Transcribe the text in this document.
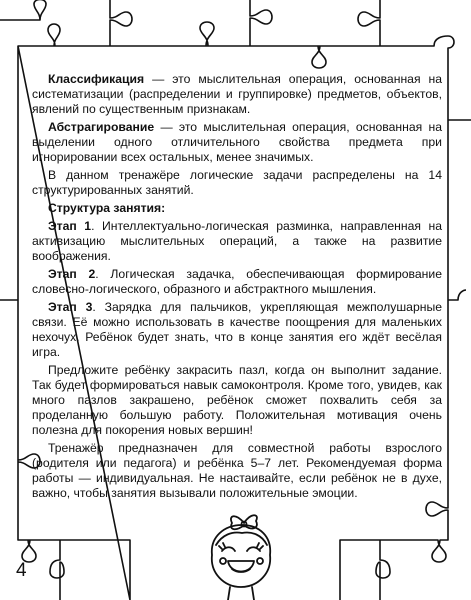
Классификация — это мыслительная операция, основанная на систематизации (распределении и группировке) предметов, объектов, явлений по существенным признакам.

Абстрагирование — это мыслительная операция, основанная на выделении одного отличительного свойства предмета при игнорировании всех остальных, менее значимых.

В данном тренажёре логические задачи распределены на 14 структурированных занятий.

Структура занятия:

Этап 1. Интеллектуально-логическая разминка, направленная на активизацию мыслительных операций, а также на развитие воображения.

Этап 2. Логическая задачка, обеспечивающая формирование словесно-логического, образного и абстрактного мышления.

Этап 3. Зарядка для пальчиков, укрепляющая межполушарные связи. Её можно использовать в качестве поощрения для маленьких нехочух. Ребёнок будет знать, что в конце занятия его ждёт весёлая игра.

Предложите ребёнку закрасить пазл, когда он выполнит задание. Так будет формироваться навык самоконтроля. Кроме того, увидев, как много пазлов закрашено, ребёнок сможет похвалить себя за проделанную большую работу. Положительная мотивация очень полезна для покорения новых вершин!

Тренажёр предназначен для совместной работы взрослого (родителя или педагога) и ребёнка 5–7 лет. Рекомендуемая форма работы — индивидуальная. Не настаивайте, если ребёнок не в духе, важно, чтобы занятия вызывали положительные эмоции.

4
